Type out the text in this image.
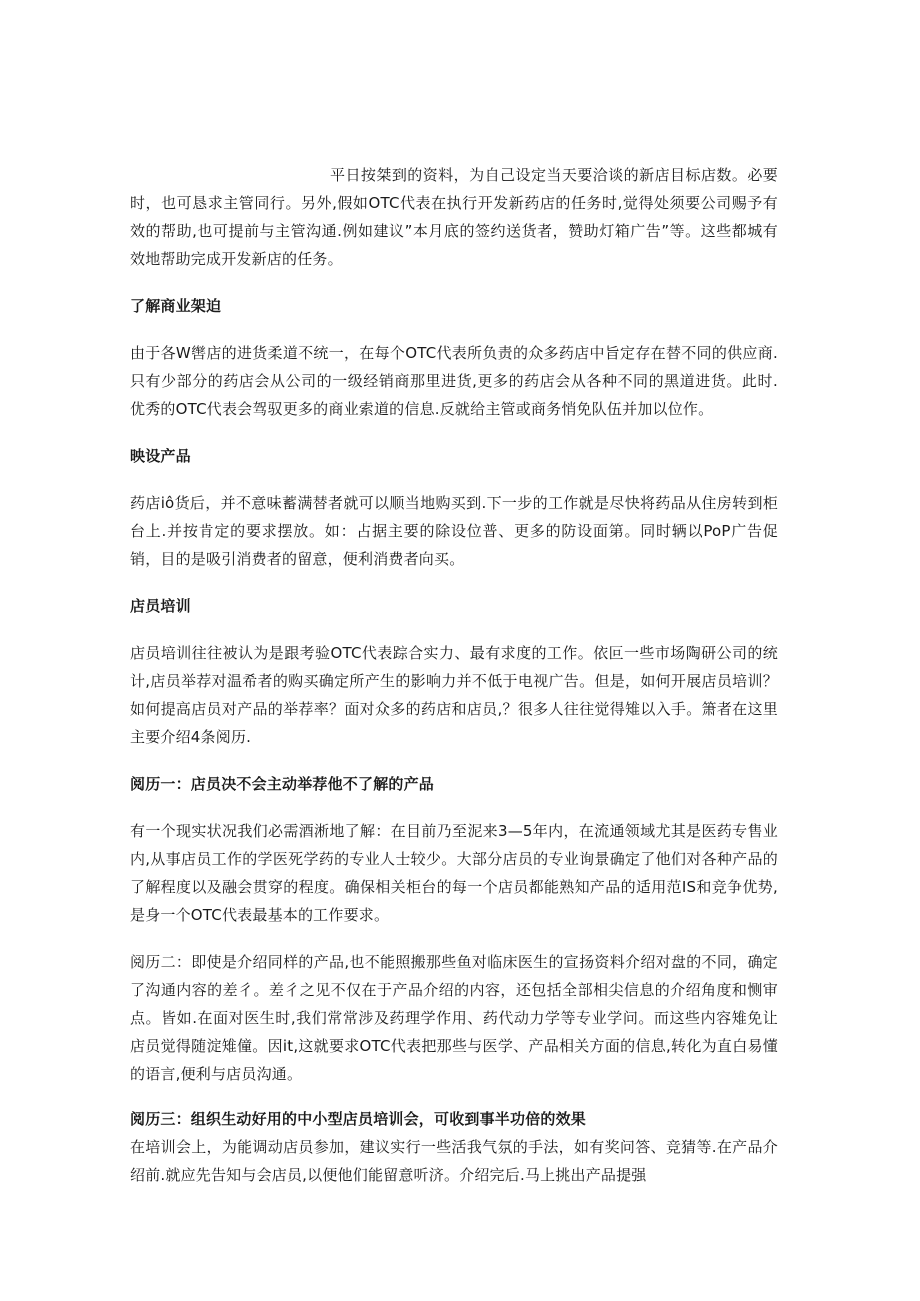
平日按桀到的资料，为自己设定当天要洽谈的新店目标店数。必要时，也可恳求主管同行。另外,假如OTC代表在执行开发新药店的任务时,觉得处须要公司赐予有效的帮助,也可提前与主管沟通.例如建议”本月底的签约送货者，赞助灯箱广告”等。这些都城有效地帮助完成开发新店的任务。

了解商业架迫

由于各W辔店的进货柔道不统一，在每个OTC代表所负责的众多药店中旨定存在替不同的供应商.只有少部分的药店会从公司的一级经销商那里进货,更多的药店会从各种不同的黑道进货。此时.优秀的OTC代表会驾驭更多的商业索道的信息.反就给主管或商务悄免队伍并加以位作。

映设产品

药店iô货后，并不意味蓄满替者就可以顺当地购买到.下一步的工作就是尽快将药品从住房转到柜台上.并按肯定的要求摆放。如：占据主要的除设位普、更多的防设面第。同时辆以PoP广告促销，目的是吸引消费者的留意，便利消费者向买。

店员培训

店员培训往往被认为是跟考验OTC代表踪合实力、最有求度的工作。依叵一些市场陶研公司的统计,店员举荐对温希者的购买确定所产生的影响力并不低于电视广告。但是，如何开展店员培训？如何提高店员对产品的举荐率？面对众多的药店和店员,？很多人往往觉得雉以入手。箫者在这里主要介绍4条阅历.

阅历一：店员决不会主动举荐他不了解的产品

有一个现实状况我们必需酒淅地了解：在目前乃至泥来3—5年内，在流通领域尤其是医药专售业内,从事店员工作的学医死学药的专业人士较少。大部分店员的专业询景确定了他们对各种产品的了解程度以及融会贯穿的程度。确保相关柜台的每一个店员都能熟知产品的适用范IS和竞争优势,是身一个OTC代表最基本的工作要求。

阅历二：即使是介绍同样的产品,也不能照搬那些鱼对临床医生的宣扬资料介绍对盘的不同，确定了沟通内容的差彳。差彳之见不仅在于产品介绍的内容，还包括全部相尖信息的介绍角度和恻审点。皆如.在面对医生时,我们常常涉及药理学作用、药代动力学等专业学问。而这些内容雉免让店员觉得随淀雉僮。因it,这就要求OTC代表把那些与医学、产品相关方面的信息,转化为直白易懂的语言,便利与店员沟通。

阅历三：组织生动好用的中小型店员培训会，可收到事半功倍的效果

在培训会上，为能调动店员参加，建议实行一些活我气氛的手法，如有奖问答、竞猜等.在产品介绍前.就应先告知与会店员,以便他们能留意听济。介绍完后.马上挑出产品提强
